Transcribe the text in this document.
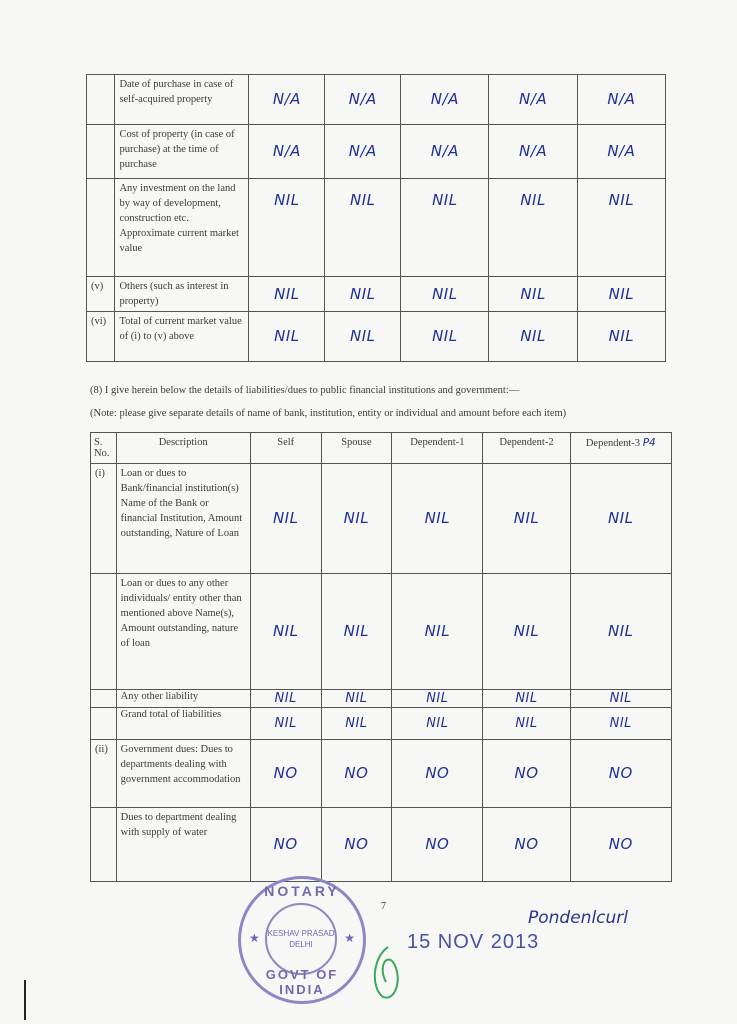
	Date of purchase in case of self-acquired property	N/A	N/A	N/A	N/A	N/A
	Cost of property (in case of purchase) at the time of purchase	N/A	N/A	N/A	N/A	N/A
	Any investment on the land by way of development, construction etc. Approximate current market value	NIL	NIL	NIL	NIL	NIL
(v)	Others (such as interest in property)	NIL	NIL	NIL	NIL	NIL
(vi)	Total of current market value of (i) to (v) above	NIL	NIL	NIL	NIL	NIL
(8) I give herein below the details of liabilities/dues to public financial institutions and government:—
(Note: please give separate details of name of bank, institution, entity or individual and amount before each item)
S. No.	Description	Self	Spouse	Dependent-1	Dependent-2	Dependent-3 P4
(i)	Loan or dues to Bank/financial institution(s) Name of the Bank or financial Institution, Amount outstanding, Nature of Loan	NIL	NIL	NIL	NIL	NIL
	Loan or dues to any other individuals/ entity other than mentioned above Name(s), Amount outstanding, nature of loan	NIL	NIL	NIL	NIL	NIL
	Any other liability	NIL	NIL	NIL	NIL	NIL
	Grand total of liabilities	NIL	NIL	NIL	NIL	NIL
(ii)	Government dues: Dues to departments dealing with government accommodation	NO	NO	NO	NO	NO
	Dues to department dealing with supply of water	NO	NO	NO	NO	NO
7
NOTARY
★	★
KESHAV PRASAD
DELHI
GOVT OF INDIA
15 NOV 2013
Pondenlcurl
